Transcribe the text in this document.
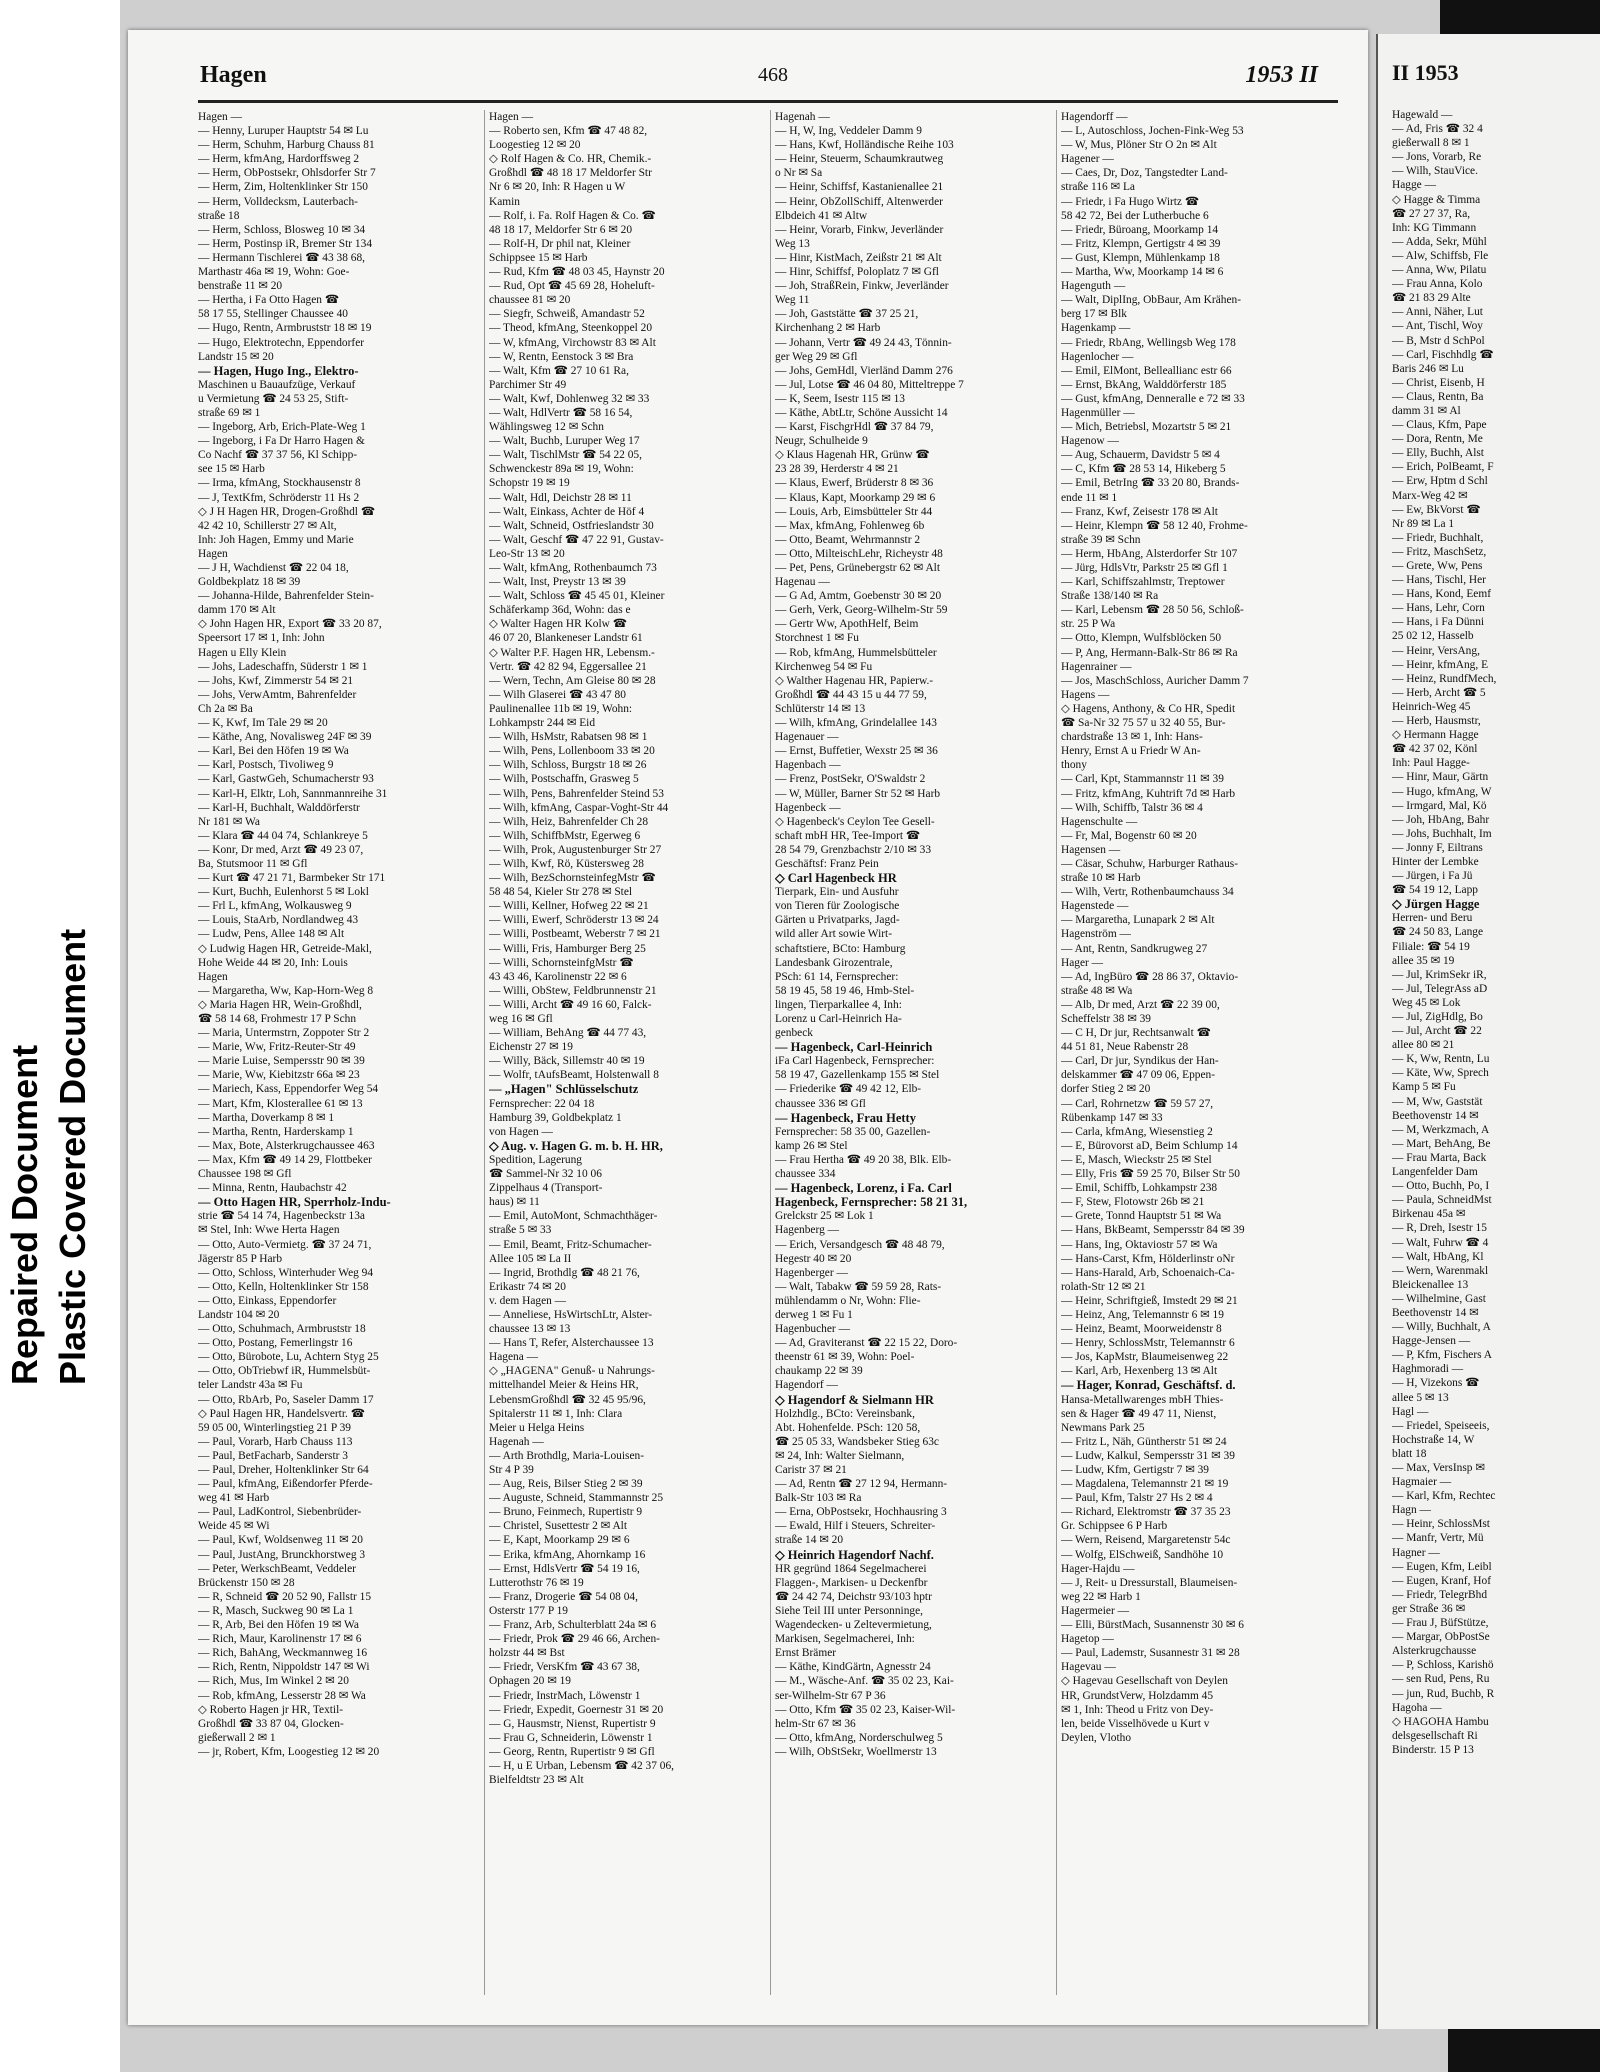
Repaired Document Plastic Covered Document
Hagen	468	1953 II
Hagen —
— Henny, Luruper Hauptstr 54 ✉ Lu
— Herm, Schuhm, Harburg Chauss 81
— Herm, kfmAng, Hardorffsweg 2
— Herm, ObPostsekr, Ohlsdorfer Str 7
— Herm, Zim, Holtenklinker Str 150
— Herm, Volldecksm, Lauterbach-
straße 18
— Herm, Schloss, Blosweg 10 ✉ 34
— Herm, Postinsp iR, Bremer Str 134
— Hermann Tischlerei ☎ 43 38 68,
Marthastr 46a ✉ 19, Wohn: Goe-
benstraße 11 ✉ 20
— Hertha, i Fa Otto Hagen ☎
58 17 55, Stellinger Chaussee 40
— Hugo, Rentn, Armbruststr 18 ✉ 19
— Hugo, Elektrotechn, Eppendorfer
Landstr 15 ✉ 20
— Hagen, Hugo Ing., Elektro-
Maschinen u Bauaufzüge, Verkauf
u Vermietung ☎ 24 53 25, Stift-
straße 69 ✉ 1
— Ingeborg, Arb, Erich-Plate-Weg 1
— Ingeborg, i Fa Dr Harro Hagen &
Co Nachf ☎ 37 37 56, Kl Schipp-
see 15 ✉ Harb
— Irma, kfmAng, Stockhausenstr 8
— J, TextKfm, Schröderstr 11 Hs 2
◇ J H Hagen HR, Drogen-Großhdl ☎
42 42 10, Schillerstr 27 ✉ Alt,
Inh: Joh Hagen, Emmy und Marie
Hagen
— J H, Wachdienst ☎ 22 04 18,
Goldbekplatz 18 ✉ 39
— Johanna-Hilde, Bahrenfelder Stein-
damm 170 ✉ Alt
◇ John Hagen HR, Export ☎ 33 20 87,
Speersort 17 ✉ 1, Inh: John
Hagen u Elly Klein
— Johs, Ladeschaffn, Süderstr 1 ✉ 1
— Johs, Kwf, Zimmerstr 54 ✉ 21
— Johs, VerwAmtm, Bahrenfelder
Ch 2a ✉ Ba
— K, Kwf, Im Tale 29 ✉ 20
— Käthe, Ang, Novalisweg 24F ✉ 39
— Karl, Bei den Höfen 19 ✉ Wa
— Karl, Postsch, Tivoliweg 9
— Karl, GastwGeh, Schumacherstr 93
— Karl-H, Elktr, Loh, Sannmannreihe 31
— Karl-H, Buchhalt, Walddörferstr
Nr 181 ✉ Wa
— Klara ☎ 44 04 74, Schlankreye 5
— Konr, Dr med, Arzt ☎ 49 23 07,
Ba, Stutsmoor 11 ✉ Gfl
— Kurt ☎ 47 21 71, Barmbeker Str 171
— Kurt, Buchh, Eulenhorst 5 ✉ Lokl
— Frl L, kfmAng, Wolkausweg 9
— Louis, StaArb, Nordlandweg 43
— Ludw, Pens, Allee 148 ✉ Alt
◇ Ludwig Hagen HR, Getreide-Makl,
Hohe Weide 44 ✉ 20, Inh: Louis
Hagen
— Margaretha, Ww, Kap-Horn-Weg 8
◇ Maria Hagen HR, Wein-Großhdl,
☎ 58 14 68, Frohmestr 17 P Schn
— Maria, Untermstrn, Zoppoter Str 2
— Marie, Ww, Fritz-Reuter-Str 49
— Marie Luise, Sempersstr 90 ✉ 39
— Marie, Ww, Kiebitzstr 66a ✉ 23
— Mariech, Kass, Eppendorfer Weg 54
— Mart, Kfm, Klosterallee 61 ✉ 13
— Martha, Doverkamp 8 ✉ 1
— Martha, Rentn, Harderskamp 1
— Max, Bote, Alsterkrugchaussee 463
— Max, Kfm ☎ 49 14 29, Flottbeker
Chaussee 198 ✉ Gfl
— Minna, Rentn, Haubachstr 42
— Otto Hagen HR, Sperrholz-Indu-
strie ☎ 54 14 74, Hagenbeckstr 13a
✉ Stel, Inh: Wwe Herta Hagen
— Otto, Auto-Vermietg. ☎ 37 24 71,
Jägerstr 85 P Harb
— Otto, Schloss, Winterhuder Weg 94
— Otto, Kelln, Holtenklinker Str 158
— Otto, Einkass, Eppendorfer
Landstr 104 ✉ 20
— Otto, Schuhmach, Armbruststr 18
— Otto, Postang, Femerlingstr 16
— Otto, Bürobote, Lu, Achtern Styg 25
— Otto, ObTriebwf iR, Hummelsbüt-
teler Landstr 43a ✉ Fu
— Otto, RbArb, Po, Saseler Damm 17
◇ Paul Hagen HR, Handelsvertr. ☎
59 05 00, Winterlingstieg 21 P 39
— Paul, Vorarb, Harb Chauss 113
— Paul, BetFacharb, Sanderstr 3
— Paul, Dreher, Holtenklinker Str 64
— Paul, kfmAng, Eißendorfer Pferde-
weg 41 ✉ Harb
— Paul, LadKontrol, Siebenbrüder-
Weide 45 ✉ Wi
— Paul, Kwf, Woldsenweg 11 ✉ 20
— Paul, JustAng, Brunckhorstweg 3
— Peter, WerkschBeamt, Veddeler
Brückenstr 150 ✉ 28
— R, Schneid ☎ 20 52 90, Fallstr 15
— R, Masch, Suckweg 90 ✉ La 1
— R, Arb, Bei den Höfen 19 ✉ Wa
— Rich, Maur, Karolinenstr 17 ✉ 6
— Rich, BahAng, Weckmannweg 16
— Rich, Rentn, Nippoldstr 147 ✉ Wi
— Rich, Mus, Im Winkel 2 ✉ 20
— Rob, kfmAng, Lesserstr 28 ✉ Wa
◇ Roberto Hagen jr HR, Textil-
Großhdl ☎ 33 87 04, Glocken-
gießerwall 2 ✉ 1
— jr, Robert, Kfm, Loogestieg 12 ✉ 20
Hagen —
— Roberto sen, Kfm ☎ 47 48 82,
Loogestieg 12 ✉ 20
◇ Rolf Hagen & Co. HR, Chemik.-
Großhdl ☎ 48 18 17 Meldorfer Str
Nr 6 ✉ 20, Inh: R Hagen u W
Kamin
— Rolf, i. Fa. Rolf Hagen & Co. ☎
48 18 17, Meldorfer Str 6 ✉ 20
— Rolf-H, Dr phil nat, Kleiner
Schippsee 15 ✉ Harb
— Rud, Kfm ☎ 48 03 45, Haynstr 20
— Rud, Opt ☎ 45 69 28, Hoheluft-
chaussee 81 ✉ 20
— Siegfr, Schweiß, Amandastr 52
— Theod, kfmAng, Steenkoppel 20
— W, kfmAng, Virchowstr 83 ✉ Alt
— W, Rentn, Eenstock 3 ✉ Bra
— Walt, Kfm ☎ 27 10 61 Ra,
Parchimer Str 49
— Walt, Kwf, Dohlenweg 32 ✉ 33
— Walt, HdlVertr ☎ 58 16 54,
Wählingsweg 12 ✉ Schn
— Walt, Buchb, Luruper Weg 17
— Walt, TischlMstr ☎ 54 22 05,
Schwenckestr 89a ✉ 19, Wohn:
Schopstr 19 ✉ 19
— Walt, Hdl, Deichstr 28 ✉ 11
— Walt, Einkass, Achter de Höf 4
— Walt, Schneid, Ostfrieslandstr 30
— Walt, Geschf ☎ 47 22 91, Gustav-
Leo-Str 13 ✉ 20
— Walt, kfmAng, Rothenbaumch 73
— Walt, Inst, Preystr 13 ✉ 39
— Walt, Schloss ☎ 45 45 01, Kleiner
Schäferkamp 36d, Wohn: das e
◇ Walter Hagen HR Kolw ☎
46 07 20, Blankeneser Landstr 61
◇ Walter P.F. Hagen HR, Lebensm.-
Vertr. ☎ 42 82 94, Eggersallee 21
— Wern, Techn, Am Gleise 80 ✉ 28
— Wilh Glaserei ☎ 43 47 80
Paulinenallee 11b ✉ 19, Wohn:
Lohkampstr 244 ✉ Eid
— Wilh, HsMstr, Rabatsen 98 ✉ 1
— Wilh, Pens, Lollenboom 33 ✉ 20
— Wilh, Schloss, Burgstr 18 ✉ 26
— Wilh, Postschaffn, Grasweg 5
— Wilh, Pens, Bahrenfelder Steind 53
— Wilh, kfmAng, Caspar-Voght-Str 44
— Wilh, Heiz, Bahrenfelder Ch 28
— Wilh, SchiffbMstr, Egerweg 6
— Wilh, Prok, Augustenburger Str 27
— Wilh, Kwf, Rö, Küstersweg 28
— Wilh, BezSchornsteinfegMstr ☎
58 48 54, Kieler Str 278 ✉ Stel
— Willi, Kellner, Hofweg 22 ✉ 21
— Willi, Ewerf, Schröderstr 13 ✉ 24
— Willi, Postbeamt, Weberstr 7 ✉ 21
— Willi, Fris, Hamburger Berg 25
— Willi, SchornsteinfgMstr ☎
43 43 46, Karolinenstr 22 ✉ 6
— Willi, ObStew, Feldbrunnenstr 21
— Willi, Archt ☎ 49 16 60, Falck-
weg 16 ✉ Gfl
— William, BehAng ☎ 44 77 43,
Eichenstr 27 ✉ 19
— Willy, Bäck, Sillemstr 40 ✉ 19
— Wolfr, tAufsBeamt, Holstenwall 8
— „Hagen" Schlüsselschutz
Fernsprecher: 22 04 18
Hamburg 39, Goldbekplatz 1
von Hagen —
◇ Aug. v. Hagen G. m. b. H. HR,
Spedition, Lagerung
☎ Sammel-Nr 32 10 06
Zippelhaus 4 (Transport-
haus) ✉ 11
— Emil, AutoMont, Schmachthäger-
straße 5 ✉ 33
— Emil, Beamt, Fritz-Schumacher-
Allee 105 ✉ La II
— Ingrid, Brothdlg ☎ 48 21 76,
Erikastr 74 ✉ 20
v. dem Hagen —
— Anneliese, HsWirtschLtr, Alster-
chaussee 13 ✉ 13
— Hans T, Refer, Alsterchaussee 13
Hagena —
◇ „HAGENA" Genuß- u Nahrungs-
mittelhandel Meier & Heins HR,
LebensmGroßhdl ☎ 32 45 95/96,
Spitalerstr 11 ✉ 1, Inh: Clara
Meier u Helga Heins
Hagenah —
— Arth Brothdlg, Maria-Louisen-
Str 4 P 39
— Aug, Reis, Bilser Stieg 2 ✉ 39
— Auguste, Schneid, Stammannstr 25
— Bruno, Feinmech, Rupertistr 9
— Christel, Susettestr 2 ✉ Alt
— E, Kapt, Moorkamp 29 ✉ 6
— Erika, kfmAng, Ahornkamp 16
— Ernst, HdlsVertr ☎ 54 19 16,
Lutterothstr 76 ✉ 19
— Franz, Drogerie ☎ 54 08 04,
Osterstr 177 P 19
— Franz, Arb, Schulterblatt 24a ✉ 6
— Friedr, Prok ☎ 29 46 66, Archen-
holzstr 44 ✉ Bst
— Friedr, VersKfm ☎ 43 67 38,
Ophagen 20 ✉ 19
— Friedr, InstrMach, Löwenstr 1
— Friedr, Expedit, Goernestr 31 ✉ 20
— G, Hausmstr, Nienst, Rupertistr 9
— Frau G, Schneiderin, Löwenstr 1
— Georg, Rentn, Rupertistr 9 ✉ Gfl
— H, u E Urban, Lebensm ☎ 42 37 06,
Bielfeldtstr 23 ✉ Alt
Hagenah —
— H, W, Ing, Veddeler Damm 9
— Hans, Kwf, Holländische Reihe 103
— Heinr, Steuerm, Schaumkrautweg
o Nr ✉ Sa
— Heinr, Schiffsf, Kastanienallee 21
— Heinr, ObZollSchiff, Altenwerder
Elbdeich 41 ✉ Altw
— Heinr, Vorarb, Finkw, Jeverländer
Weg 13
— Hinr, KistMach, Zeißstr 21 ✉ Alt
— Hinr, Schiffsf, Poloplatz 7 ✉ Gfl
— Joh, StraßRein, Finkw, Jeverländer
Weg 11
— Joh, Gaststätte ☎ 37 25 21,
Kirchenhang 2 ✉ Harb
— Johann, Vertr ☎ 49 24 43, Tönnin-
ger Weg 29 ✉ Gfl
— Johs, GemHdl, Vierländ Damm 276
— Jul, Lotse ☎ 46 04 80, Mitteltreppe 7
— K, Seem, Isestr 115 ✉ 13
— Käthe, AbtLtr, Schöne Aussicht 14
— Karst, FischgrHdl ☎ 37 84 79,
Neugr, Schulheide 9
◇ Klaus Hagenah HR, Grünw ☎
23 28 39, Herderstr 4 ✉ 21
— Klaus, Ewerf, Brüderstr 8 ✉ 36
— Klaus, Kapt, Moorkamp 29 ✉ 6
— Louis, Arb, Eimsbütteler Str 44
— Max, kfmAng, Fohlenweg 6b
— Otto, Beamt, Wehrmannstr 2
— Otto, MilteischLehr, Richeystr 48
— Pet, Pens, Grünebergstr 62 ✉ Alt
Hagenau —
— G Ad, Amtm, Goebenstr 30 ✉ 20
— Gerh, Verk, Georg-Wilhelm-Str 59
— Gertr Ww, ApothHelf, Beim
Storchnest 1 ✉ Fu
— Rob, kfmAng, Hummelsbütteler
Kirchenweg 54 ✉ Fu
◇ Walther Hagenau HR, Papierw.-
Großhdl ☎ 44 43 15 u 44 77 59,
Schlüterstr 14 ✉ 13
— Wilh, kfmAng, Grindelallee 143
Hagenauer —
— Ernst, Buffetier, Wexstr 25 ✉ 36
Hagenbach —
— Frenz, PostSekr, O'Swaldstr 2
— W, Müller, Barner Str 52 ✉ Harb
Hagenbeck —
◇ Hagenbeck's Ceylon Tee Gesell-
schaft mbH HR, Tee-Import ☎
28 54 79, Grenzbachstr 2/10 ✉ 33
Geschäftsf: Franz Pein
◇ Carl Hagenbeck HR
Tierpark, Ein- und Ausfuhr
von Tieren für Zoologische
Gärten u Privatparks, Jagd-
wild aller Art sowie Wirt-
schaftstiere, BCto: Hamburg
Landesbank Girozentrale,
PSch: 61 14, Fernsprecher:
58 19 45, 58 19 46, Hmb-Stel-
lingen, Tierparkallee 4, Inh:
Lorenz u Carl-Heinrich Ha-
genbeck
— Hagenbeck, Carl-Heinrich
iFa Carl Hagenbeck, Fernsprecher:
58 19 47, Gazellenkamp 155 ✉ Stel
— Friederike ☎ 49 42 12, Elb-
chaussee 336 ✉ Gfl
— Hagenbeck, Frau Hetty
Fernsprecher: 58 35 00, Gazellen-
kamp 26 ✉ Stel
— Frau Hertha ☎ 49 20 38, Blk. Elb-
chaussee 334
— Hagenbeck, Lorenz, i Fa. Carl
Hagenbeck, Fernsprecher: 58 21 31,
Grelckstr 25 ✉ Lok 1
Hagenberg —
— Erich, Versandgesch ☎ 48 48 79,
Hegestr 40 ✉ 20
Hagenberger —
— Walt, Tabakw ☎ 59 59 28, Rats-
mühlendamm o Nr, Wohn: Flie-
derweg 1 ✉ Fu 1
Hagenbucher —
— Ad, Graviteranst ☎ 22 15 22, Doro-
theenstr 61 ✉ 39, Wohn: Poel-
chaukamp 22 ✉ 39
Hagendorf —
◇ Hagendorf & Sielmann HR
Holzhdlg., BCto: Vereinsbank,
Abt. Hohenfelde. PSch: 120 58,
☎ 25 05 33, Wandsbeker Stieg 63c
✉ 24, Inh: Walter Sielmann,
Caristr 37 ✉ 21
— Ad, Rentn ☎ 27 12 94, Hermann-
Balk-Str 103 ✉ Ra
— Erna, ObPostsekr, Hochhausring 3
— Ewald, Hilf i Steuers, Schreiter-
straße 14 ✉ 20
◇ Heinrich Hagendorf Nachf.
HR gegründ 1864 Segelmacherei
Flaggen-, Markisen- u Deckenfbr
☎ 24 42 74, Deichstr 93/103 hptr
Siehe Teil III unter Personninge,
Wagendecken- u Zeltevermietung,
Markisen, Segelmacherei, Inh:
Ernst Brämer
— Käthe, KindGärtn, Agnesstr 24
— M., Wäsche-Anf. ☎ 35 02 23, Kai-
ser-Wilhelm-Str 67 P 36
— Otto, Kfm ☎ 35 02 23, Kaiser-Wil-
helm-Str 67 ✉ 36
— Otto, kfmAng, Norderschulweg 5
— Wilh, ObStSekr, Woellmerstr 13
Hagendorff —
— L, Autoschloss, Jochen-Fink-Weg 53
— W, Mus, Plöner Str O 2n ✉ Alt
Hagener —
— Caes, Dr, Doz, Tangstedter Land-
straße 116 ✉ La
— Friedr, i Fa Hugo Wirtz ☎
58 42 72, Bei der Lutherbuche 6
— Friedr, Büroang, Moorkamp 14
— Fritz, Klempn, Gertigstr 4 ✉ 39
— Gust, Klempn, Mühlenkamp 18
— Martha, Ww, Moorkamp 14 ✉ 6
Hagenguth —
— Walt, DiplIng, ObBaur, Am Krähen-
berg 17 ✉ Blk
Hagenkamp —
— Friedr, RbAng, Wellingsb Weg 178
Hagenlocher —
— Emil, ElMont, Belleallianc estr 66
— Ernst, BkAng, Walddörferstr 185
— Gust, kfmAng, Denneralle e 72 ✉ 33
Hagenmüller —
— Mich, Betriebsl, Mozartstr 5 ✉ 21
Hagenow —
— Aug, Schauerm, Davidstr 5 ✉ 4
— C, Kfm ☎ 28 53 14, Hikeberg 5
— Emil, BetrIng ☎ 33 20 80, Brands-
ende 11 ✉ 1
— Franz, Kwf, Zeisestr 178 ✉ Alt
— Heinr, Klempn ☎ 58 12 40, Frohme-
straße 39 ✉ Schn
— Herm, HbAng, Alsterdorfer Str 107
— Jürg, HdlsVtr, Parkstr 25 ✉ Gfl 1
— Karl, Schiffszahlmstr, Treptower
Straße 138/140 ✉ Ra
— Karl, Lebensm ☎ 28 50 56, Schloß-
str. 25 P Wa
— Otto, Klempn, Wulfsblöcken 50
— P, Ang, Hermann-Balk-Str 86 ✉ Ra
Hagenrainer —
— Jos, MaschSchloss, Auricher Damm 7
Hagens —
◇ Hagens, Anthony, & Co HR, Spedit
☎ Sa-Nr 32 75 57 u 32 40 55, Bur-
chardstraße 13 ✉ 1, Inh: Hans-
Henry, Ernst A u Friedr W An-
thony
— Carl, Kpt, Stammannstr 11 ✉ 39
— Fritz, kfmAng, Kuhtrift 7d ✉ Harb
— Wilh, Schiffb, Talstr 36 ✉ 4
Hagenschulte —
— Fr, Mal, Bogenstr 60 ✉ 20
Hagensen —
— Cäsar, Schuhw, Harburger Rathaus-
straße 10 ✉ Harb
— Wilh, Vertr, Rothenbaumchauss 34
Hagenstede —
— Margaretha, Lunapark 2 ✉ Alt
Hagenström —
— Ant, Rentn, Sandkrugweg 27
Hager —
— Ad, IngBüro ☎ 28 86 37, Oktavio-
straße 48 ✉ Wa
— Alb, Dr med, Arzt ☎ 22 39 00,
Scheffelstr 38 ✉ 39
— C H, Dr jur, Rechtsanwalt ☎
44 51 81, Neue Rabenstr 28
— Carl, Dr jur, Syndikus der Han-
delskammer ☎ 47 09 06, Eppen-
dorfer Stieg 2 ✉ 20
— Carl, Rohrnetzw ☎ 59 57 27,
Rübenkamp 147 ✉ 33
— Carla, kfmAng, Wiesenstieg 2
— E, Bürovorst aD, Beim Schlump 14
— E, Masch, Wieckstr 25 ✉ Stel
— Elly, Fris ☎ 59 25 70, Bilser Str 50
— Emil, Schiffb, Lohkampstr 238
— F, Stew, Flotowstr 26b ✉ 21
— Grete, Tonnd Hauptstr 51 ✉ Wa
— Hans, BkBeamt, Sempersstr 84 ✉ 39
— Hans, Ing, Oktaviostr 57 ✉ Wa
— Hans-Carst, Kfm, Hölderlinstr oNr
— Hans-Harald, Arb, Schoenaich-Ca-
rolath-Str 12 ✉ 21
— Heinr, Schriftgieß, Imstedt 29 ✉ 21
— Heinz, Ang, Telemannstr 6 ✉ 19
— Heinz, Beamt, Moorweidenstr 8
— Henry, SchlossMstr, Telemannstr 6
— Jos, KapMstr, Blaumeisenweg 22
— Karl, Arb, Hexenberg 13 ✉ Alt
— Hager, Konrad, Geschäftsf. d.
Hansa-Metallwarenges mbH Thies-
sen & Hager ☎ 49 47 11, Nienst,
Newmans Park 25
— Fritz L, Näh, Güntherstr 51 ✉ 24
— Ludw, Kalkul, Sempersstr 31 ✉ 39
— Ludw, Kfm, Gertigstr 7 ✉ 39
— Magdalena, Telemannstr 21 ✉ 19
— Paul, Kfm, Talstr 27 Hs 2 ✉ 4
— Richard, Elektromstr ☎ 37 35 23
Gr. Schippsee 6 P Harb
— Wern, Reisend, Margaretenstr 54c
— Wolfg, ElSchweiß, Sandhöhe 10
Hager-Hajdu —
— J, Reit- u Dressurstall, Blaumeisen-
weg 22 ✉ Harb 1
Hagermeier —
— Elli, BürstMach, Susannenstr 30 ✉ 6
Hagetop —
— Paul, Lademstr, Susannestr 31 ✉ 28
Hagevau —
◇ Hagevau Gesellschaft von Deylen
HR, GrundstVerw, Holzdamm 45
✉ 1, Inh: Theod u Fritz von Dey-
len, beide Visselhövede u Kurt v
Deylen, Vlotho
II 1953
Hagewald —
— Ad, Fris ☎ 32 4
gießerwall 8 ✉ 1
— Jons, Vorarb, Re
— Wilh, StauVice.
Hagge —
◇ Hagge & Timma
☎ 27 27 37, Ra,
Inh: KG Timmann
— Adda, Sekr, Mühl
— Alw, Schiffsb, Fle
— Anna, Ww, Pilatu
— Frau Anna, Kolo
☎ 21 83 29 Alte
— Anni, Näher, Lut
— Ant, Tischl, Woy
— B, Mstr d SchPol
— Carl, Fischhdlg ☎
Baris 246 ✉ Lu
— Christ, Eisenb, H
— Claus, Rentn, Ba
damm 31 ✉ Al
— Claus, Kfm, Pape
— Dora, Rentn, Me
— Elly, Buchh, Alst
— Erich, PolBeamt, F
— Erw, Hptm d Schl
Marx-Weg 42 ✉
— Ew, BkVorst ☎
Nr 89 ✉ La 1
— Friedr, Buchhalt,
— Fritz, MaschSetz,
— Grete, Ww, Pens
— Hans, Tischl, Her
— Hans, Kond, Eemf
— Hans, Lehr, Corn
— Hans, i Fa Dünni
25 02 12, Hasselb
— Heinr, VersAng,
— Heinr, kfmAng, E
— Heinz, RundfMech,
— Herb, Archt ☎ 5
Heinrich-Weg 45
— Herb, Hausmstr,
◇ Hermann Hagge
☎ 42 37 02, Könl
Inh: Paul Hagge-
— Hinr, Maur, Gärtn
— Hugo, kfmAng, W
— Irmgard, Mal, Kö
— Joh, HbAng, Bahr
— Johs, Buchhalt, Im
— Jonny F, Eiltrans
Hinter der Lembke
— Jürgen, i Fa Jü
☎ 54 19 12, Lapp
◇ Jürgen Hagge
Herren- und Beru
☎ 24 50 83, Lange
Filiale: ☎ 54 19
allee 35 ✉ 19
— Jul, KrimSekr iR,
— Jul, TelegrAss aD
Weg 45 ✉ Lok
— Jul, ZigHdlg, Bo
— Jul, Archt ☎ 22
allee 80 ✉ 21
— K, Ww, Rentn, Lu
— Käte, Ww, Sprech
Kamp 5 ✉ Fu
— M, Ww, Gaststät
Beethovenstr 14 ✉
— M, Werkzmach, A
— Mart, BehAng, Be
— Frau Marta, Back
Langenfelder Dam
— Otto, Buchh, Po, I
— Paula, SchneidMst
Birkenau 45a ✉
— R, Dreh, Isestr 15
— Walt, Fuhrw ☎ 4
— Walt, HbAng, Kl
— Wern, Warenmakl
Bleickenallee 13
— Wilhelmine, Gast
Beethovenstr 14 ✉
— Willy, Buchhalt, A
Hagge-Jensen —
— P, Kfm, Fischers A
Haghmoradi —
— H, Vizekons ☎
allee 5 ✉ 13
Hagl —
— Friedel, Speiseeis,
Hochstraße 14, W
blatt 18
— Max, VersInsp ✉
Hagmaier —
— Karl, Kfm, Rechtec
Hagn —
— Heinr, SchlossMst
— Manfr, Vertr, Mü
Hagner —
— Eugen, Kfm, Leibl
— Eugen, Kranf, Hof
— Friedr, TelegrBhd
ger Straße 36 ✉
— Frau J, BüfStütze,
— Margar, ObPostSe
Alsterkrugchausse
— P, Schloss, Karishö
— sen Rud, Pens, Ru
— jun, Rud, Buchb, R
Hagoha —
◇ HAGOHA Hambu
delsgesellschaft Ri
Binderstr. 15 P 13
